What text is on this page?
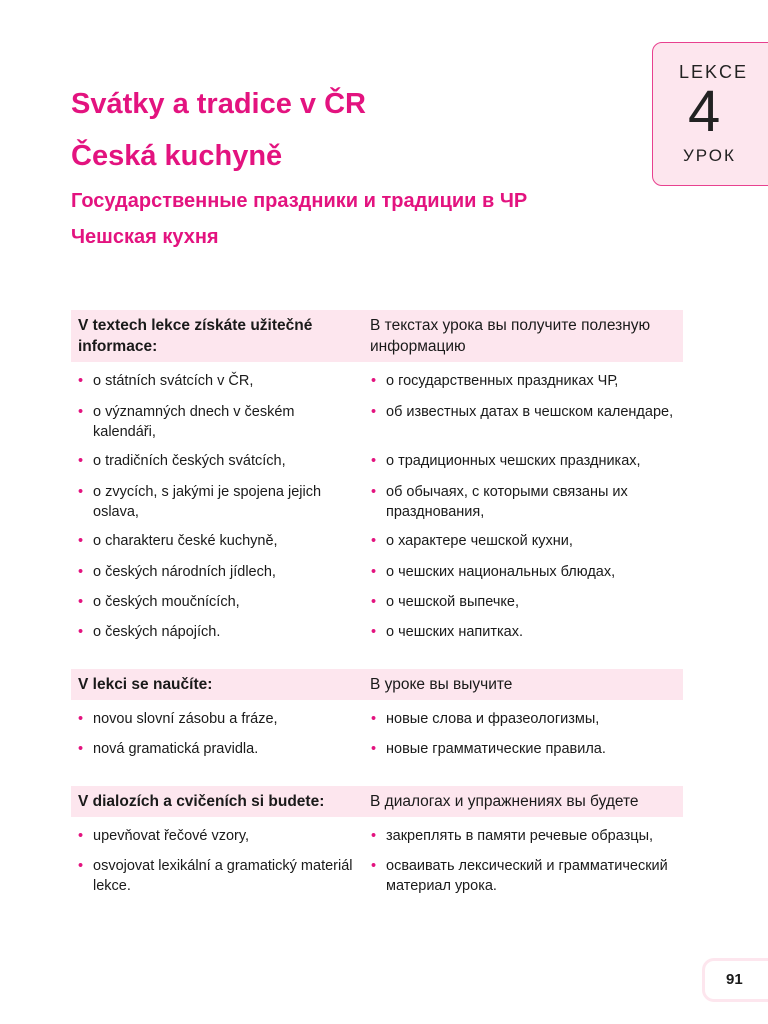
LEKCE
4
УРОК
Svátky a tradice v ČR
Česká kuchyně
Государственные праздники и традиции в ЧР
Чешская кухня
V textech lekce získáte užitečné informace:
В текстах урока вы получите полезную информацию
• o státních svátcích v ČR,
• o významných dnech v českém kalendáři,
• o tradičních českých svátcích,
• o zvycích, s jakými je spojena jejich oslava,
• o charakteru české kuchyně,
• o českých národních jídlech,
• o českých moučnících,
• o českých nápojích.
• о государственных праздниках ЧР,
• об известных датах в чешском календаре,
• о традиционных чешских праздниках,
• об обычаях, с которыми связаны их празднования,
• о характере чешской кухни,
• о чешских национальных блюдах,
• о чешской выпечке,
• о чешских напитках.
V lekci se naučíte:	В уроке вы выучите
• novou slovní zásobu a fráze,
• nová gramatická pravidla.
• новые слова и фразеологизмы,
• новые грамматические правила.
V dialozích a cvičeních si budete:	В диалогах и упражнениях вы будете
• upevňovat řečové vzory,
• osvojovat lexikální a gramatický materiál lekce.
• закреплять в памяти речевые образцы,
• осваивать лексический и грамматический материал урока.
91
